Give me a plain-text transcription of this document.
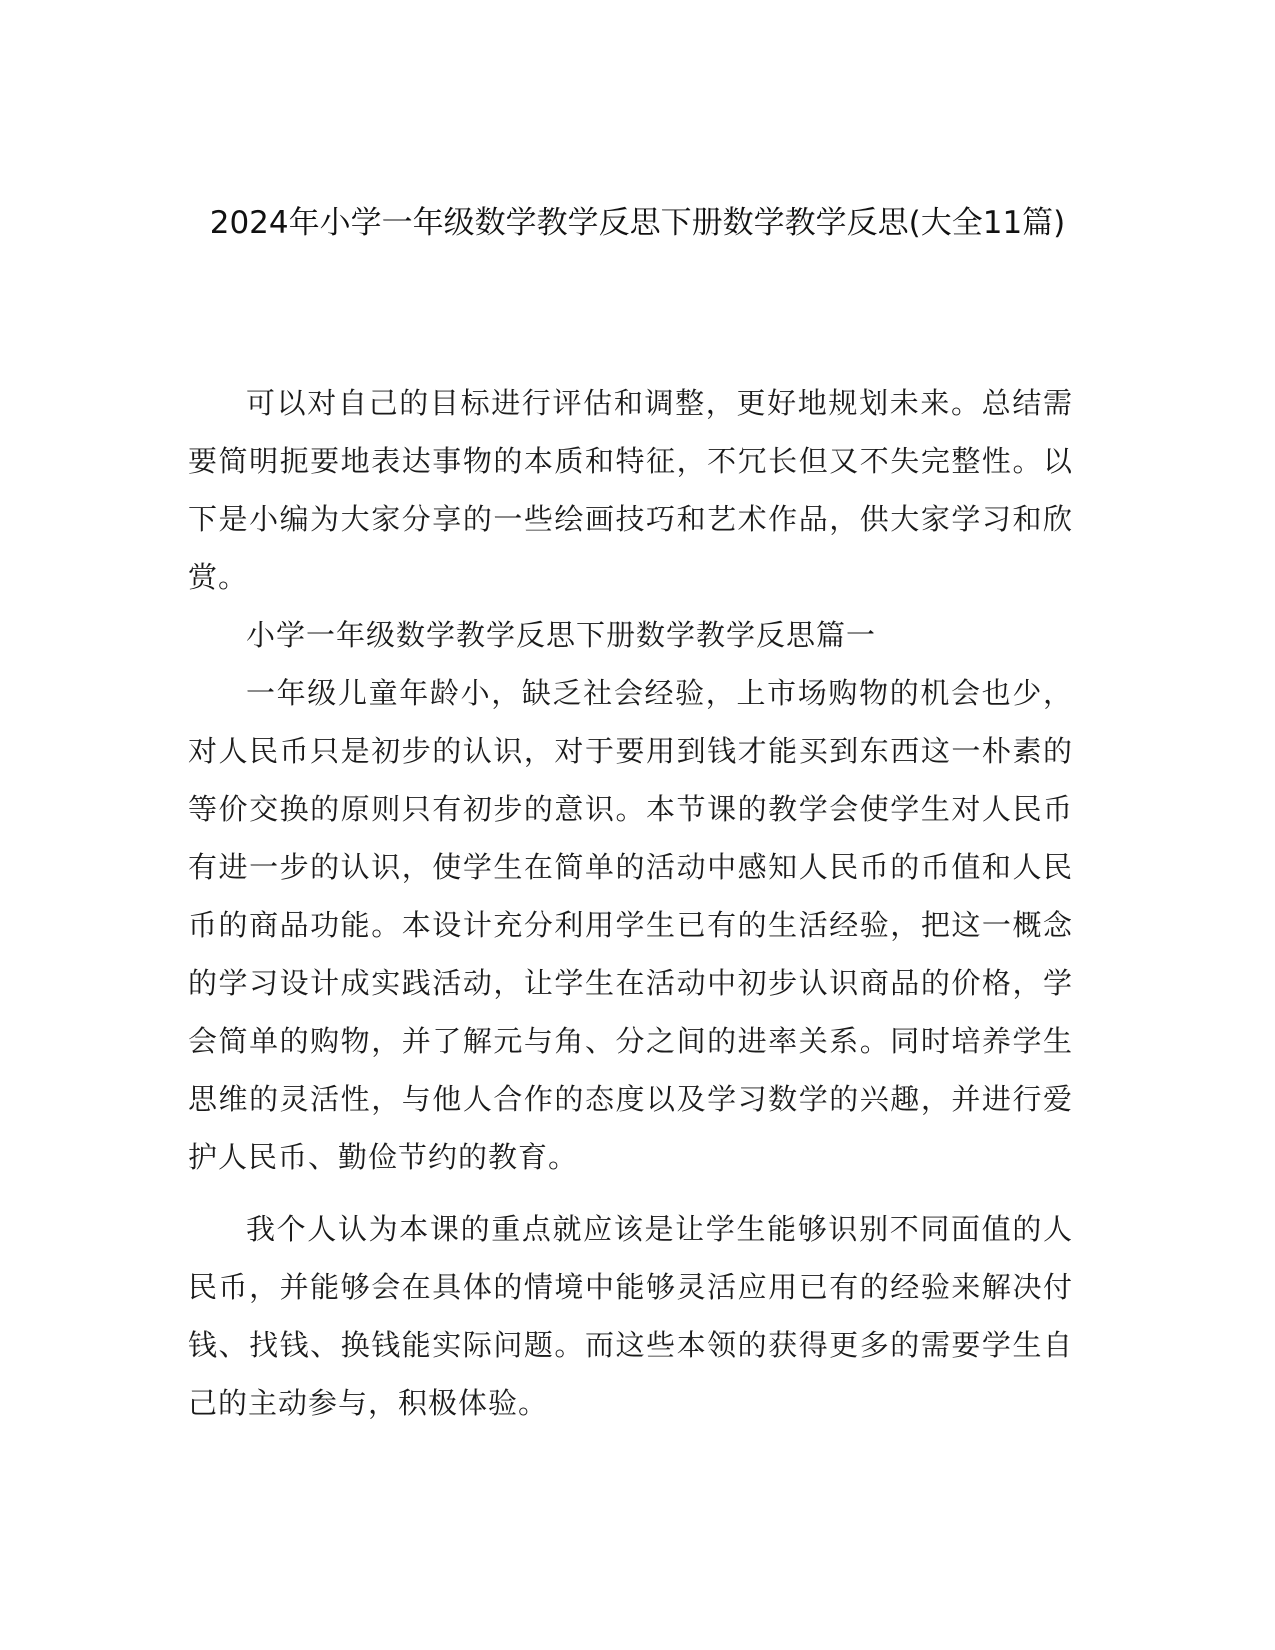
2024年小学一年级数学教学反思下册数学教学反思(大全11篇)

可以对自己的目标进行评估和调整，更好地规划未来。总结需要简明扼要地表达事物的本质和特征，不冗长但又不失完整性。以下是小编为大家分享的一些绘画技巧和艺术作品，供大家学习和欣赏。

小学一年级数学教学反思下册数学教学反思篇一

一年级儿童年龄小，缺乏社会经验，上市场购物的机会也少，对人民币只是初步的认识，对于要用到钱才能买到东西这一朴素的等价交换的原则只有初步的意识。本节课的教学会使学生对人民币有进一步的认识，使学生在简单的活动中感知人民币的币值和人民币的商品功能。本设计充分利用学生已有的生活经验，把这一概念的学习设计成实践活动，让学生在活动中初步认识商品的价格，学会简单的购物，并了解元与角、分之间的进率关系。同时培养学生思维的灵活性，与他人合作的态度以及学习数学的兴趣，并进行爱护人民币、勤俭节约的教育。

我个人认为本课的重点就应该是让学生能够识别不同面值的人民币，并能够会在具体的情境中能够灵活应用已有的经验来解决付钱、找钱、换钱能实际问题。而这些本领的获得更多的需要学生自己的主动参与，积极体验。
